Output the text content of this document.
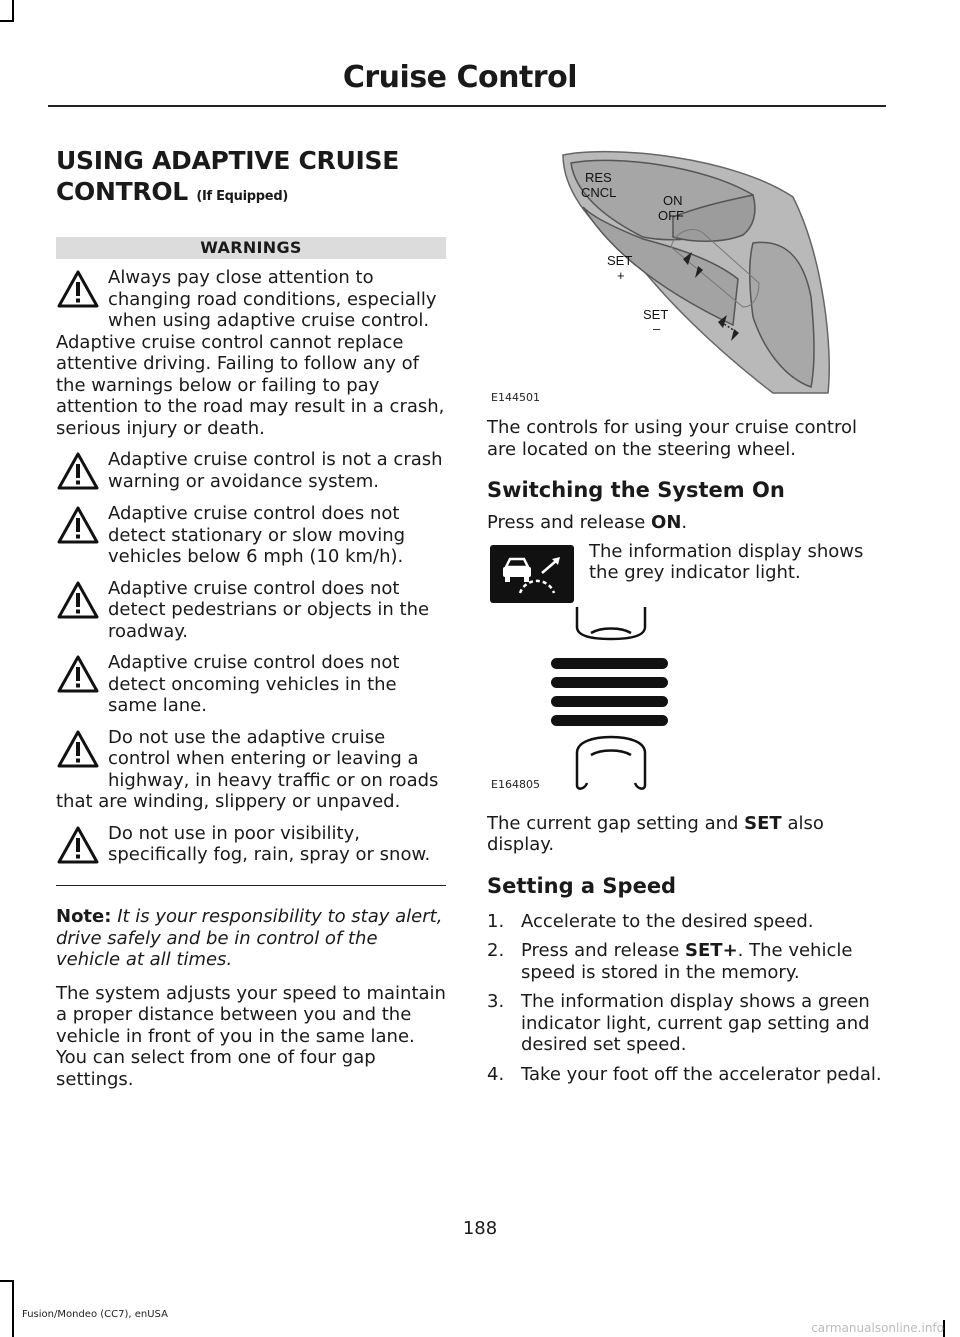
Cruise Control
USING ADAPTIVE CRUISE CONTROL (If Equipped)
WARNINGS

Always pay close attention to changing road conditions, especially when using adaptive cruise control. Adaptive cruise control cannot replace attentive driving. Failing to follow any of the warnings below or failing to pay attention to the road may result in a crash, serious injury or death.

Adaptive cruise control is not a crash warning or avoidance system.

Adaptive cruise control does not detect stationary or slow moving vehicles below 6 mph (10 km/h).

Adaptive cruise control does not detect pedestrians or objects in the roadway.

Adaptive cruise control does not detect oncoming vehicles in the same lane.

Do not use the adaptive cruise control when entering or leaving a highway, in heavy traffic or on roads that are winding, slippery or unpaved.

Do not use in poor visibility, specifically fog, rain, spray or snow.

Note: It is your responsibility to stay alert, drive safely and be in control of the vehicle at all times.

The system adjusts your speed to maintain a proper distance between you and the vehicle in front of you in the same lane. You can select from one of four gap settings.

RES
CNCL
ON
OFF
SET
+
SET
–
E144501

The controls for using your cruise control are located on the steering wheel.

Switching the System On

Press and release ON.

The information display shows the grey indicator light.

E164805

The current gap setting and SET also display.

Setting a Speed
1. Accelerate to the desired speed.
2. Press and release SET+. The vehicle speed is stored in the memory.
3. The information display shows a green indicator light, current gap setting and desired set speed.
4. Take your foot off the accelerator pedal.
188
Fusion/Mondeo (CC7), enUSA
carmanualsonline.info
